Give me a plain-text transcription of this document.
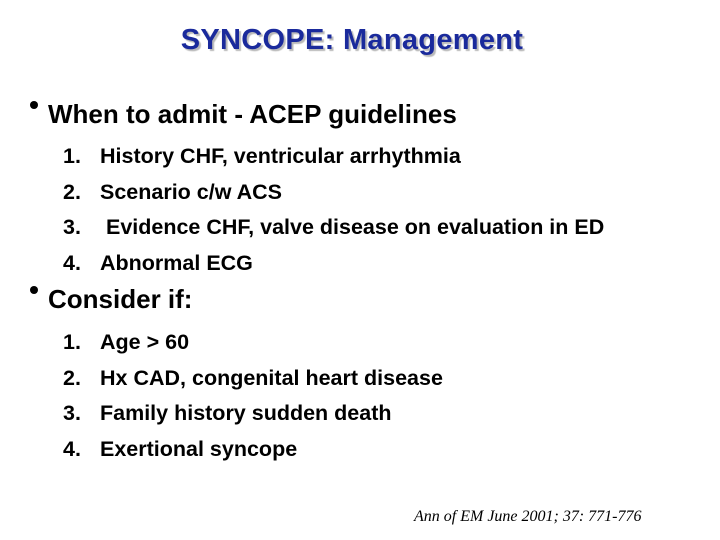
SYNCOPE: Management
When to admit - ACEP guidelines
1. History CHF, ventricular arrhythmia
2. Scenario c/w ACS
3. Evidence CHF, valve disease on evaluation in ED
4. Abnormal ECG
Consider if:
1. Age > 60
2. Hx CAD, congenital heart disease
3. Family history sudden death
4. Exertional syncope
Ann of EM June 2001; 37: 771-776
